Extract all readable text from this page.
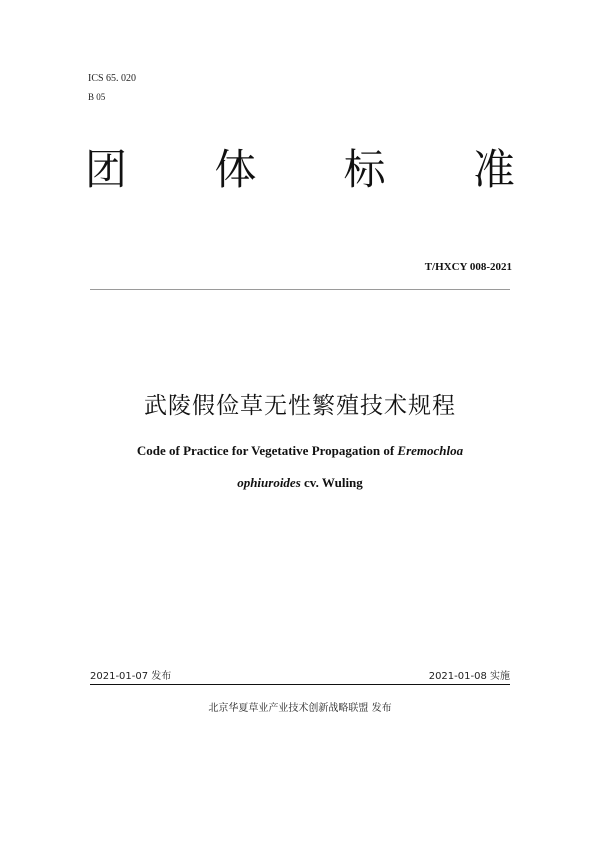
ICS 65. 020
B 05
团 体 标 准
T/HXCY 008-2021
武陵假俭草无性繁殖技术规程
Code of Practice for Vegetative Propagation of Eremochloa
ophiuroides cv. Wuling
2021-01-07 发布	2021-01-08 实施
北京华夏草业产业技术创新战略联盟 发布
